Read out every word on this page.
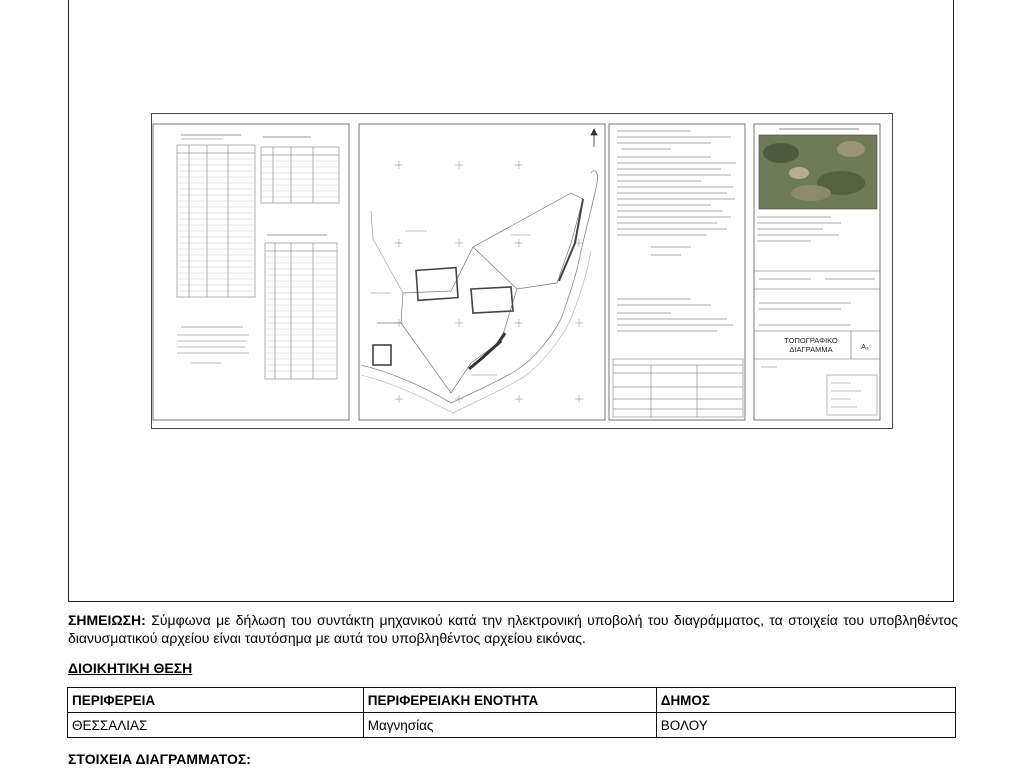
ΤΟΠΟΓΡΑΦΙΚΟ
ΔΙΑΓΡΑΜΜΑ	A₃
ΣΗΜΕΙΩΣΗ: Σύμφωνα με δήλωση του συντάκτη μηχανικού κατά την ηλεκτρονική υποβολή του διαγράμματος, τα στοιχεία του υποβληθέντος διανυσματικού αρχείου είναι ταυτόσημα με αυτά του υποβληθέντος αρχείου εικόνας.
ΔΙΟΙΚΗΤΙΚΗ ΘΕΣΗ
ΠΕΡΙΦΕΡΕΙΑ	ΠΕΡΙΦΕΡΕΙΑΚΗ ΕΝΟΤΗΤΑ	ΔΗΜΟΣ
ΘΕΣΣΑΛΙΑΣ	Μαγνησίας	ΒΟΛΟΥ
ΣΤΟΙΧΕΙΑ ΔΙΑΓΡΑΜΜΑΤΟΣ:
